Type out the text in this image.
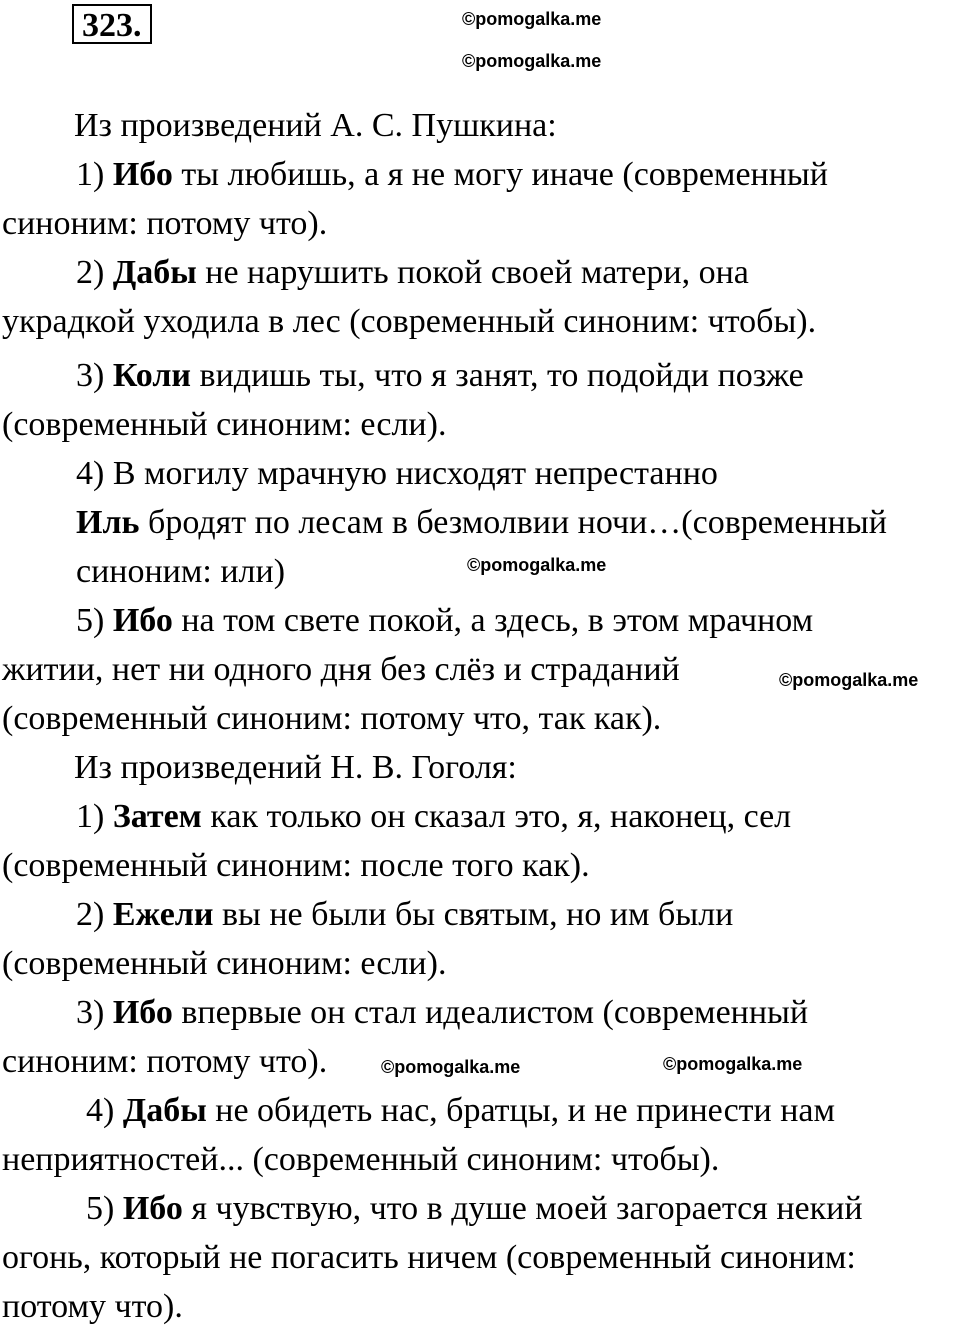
323.	©pomogalka.me
©pomogalka.me
Из произведений А. С. Пушкина:
1) Ибо ты любишь, а я не могу иначе (современный
синоним: потому что).
2) Дабы не нарушить покой своей матери, она
украдкой уходила в лес (современный синоним: чтобы).
3) Коли видишь ты, что я занят, то подойди позже
(современный синоним: если).
4) В могилу мрачную нисходят непрестанно
Иль бродят по лесам в безмолвии ночи…(современный
синоним: или)	©pomogalka.me
5) Ибо на том свете покой, а здесь, в этом мрачном
житии, нет ни одного дня без слёз и страданий	©pomogalka.me
(современный синоним: потому что, так как).
Из произведений Н. В. Гоголя:
1) Затем как только он сказал это, я, наконец, сел
(современный синоним: после того как).
2) Ежели вы не были бы святым, но им были
(современный синоним: если).
3) Ибо впервые он стал идеалистом (современный
синоним: потому что).	©pomogalka.me	©pomogalka.me
4) Дабы не обидеть нас, братцы, и не принести нам
неприятностей... (современный синоним: чтобы).
5) Ибо я чувствую, что в душе моей загорается некий
огонь, который не погасить ничем (современный синоним:
потому что).
